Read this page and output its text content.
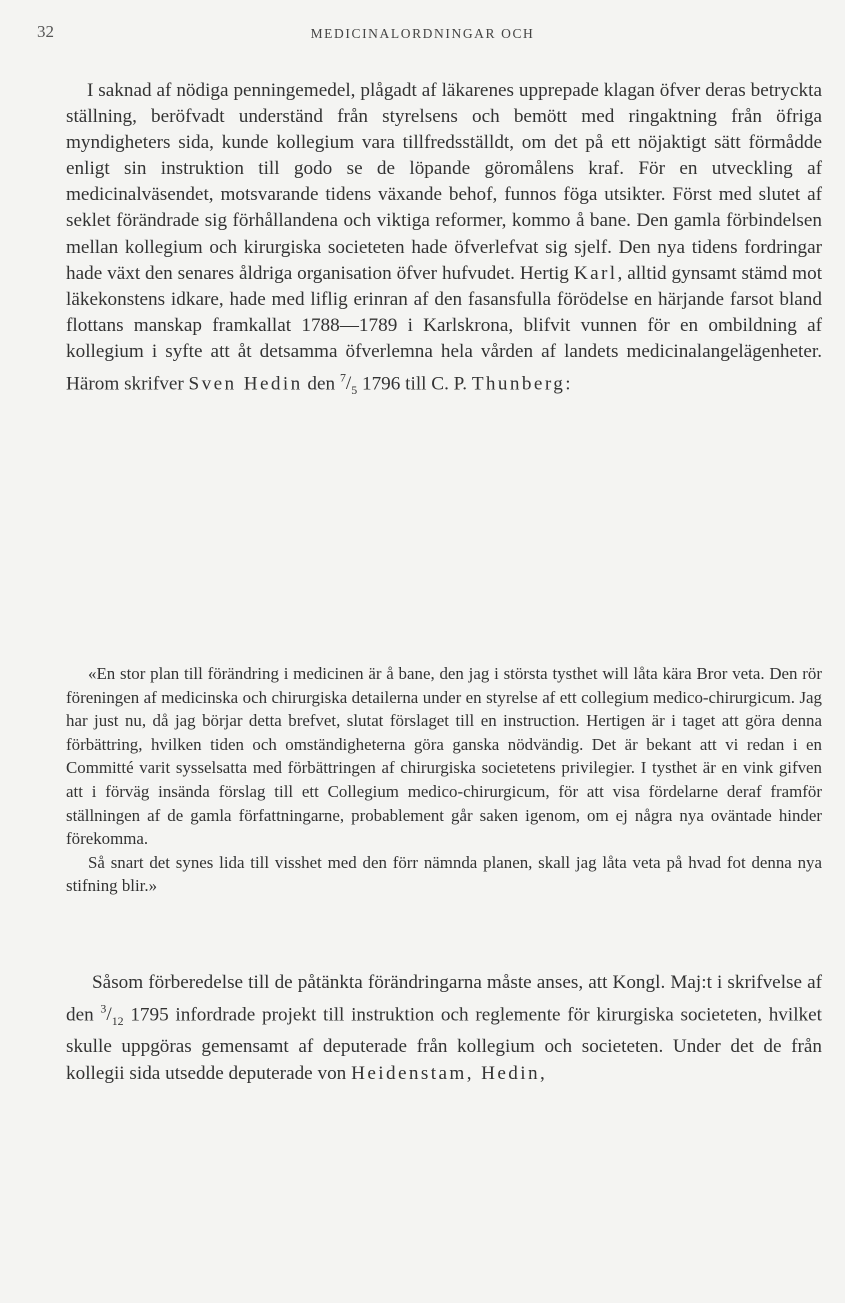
32	MEDICINALORDNINGAR OCH

I saknad af nödiga penningemedel, plågadt af läkarenes upprepade klagan öfver deras betryckta ställning, beröfvadt underständ från styrelsens och bemött med ringaktning från öfriga myndigheters sida, kunde kollegium vara tillfredsställdt, om det på ett nöjaktigt sätt förmådde enligt sin instruktion till godo se de löpande göromålens kraf. För en utveckling af medicinalväsendet, motsvarande tidens växande behof, funnos föga utsikter. Först med slutet af seklet förändrade sig förhållandena och viktiga reformer, kommo å bane. Den gamla förbindelsen mellan kollegium och kirurgiska societeten hade öfverlefvat sig sjelf. Den nya tidens fordringar hade växt den senares åldriga organisation öfver hufvudet. Hertig Karl, alltid gynsamt stämd mot läkekonstens idkare, hade med liflig erinran af den fasansfulla förödelse en härjande farsot bland flottans manskap framkallat 1788—1789 i Karlskrona, blifvit vunnen för en ombildning af kollegium i syfte att åt detsamma öfverlemna hela vården af landets medicinalangelägenheter. Härom skrifver Sven Hedin den $^7/_5$ 1796 till C. P. Thunberg:

«En stor plan till förändring i medicinen är å bane, den jag i största tysthet will låta kära Bror veta. Den rör föreningen af medicinska och chirurgiska detailerna under en styrelse af ett collegium medico-chirurgicum. Jag har just nu, då jag börjar detta brefvet, slutat förslaget till en instruction. Hertigen är i taget att göra denna förbättring, hvilken tiden och omständigheterna göra ganska nödvändig. Det är bekant att vi redan i en Committé varit sysselsatta med förbättringen af chirurgiska societetens privilegier. I tysthet är en vink gifven att i förväg insända förslag till ett Collegium medico-chirurgicum, för att visa fördelarne deraf framför ställningen af de gamla författningarne, probablement går saken igenom, om ej några nya oväntade hinder förekomma.

Så snart det synes lida till visshet med den förr nämnda planen, skall jag låta veta på hvad fot denna nya stifning blir.»

Såsom förberedelse till de påtänkta förändringarna måste anses, att Kongl. Maj:t i skrifvelse af den $^3/_{12}$ 1795 infordrade projekt till instruktion och reglemente för kirurgiska societeten, hvilket skulle uppgöras gemensamt af deputerade från kollegium och societeten. Under det de från kollegii sida utsedde deputerade von Heidenstam, Hedin,
